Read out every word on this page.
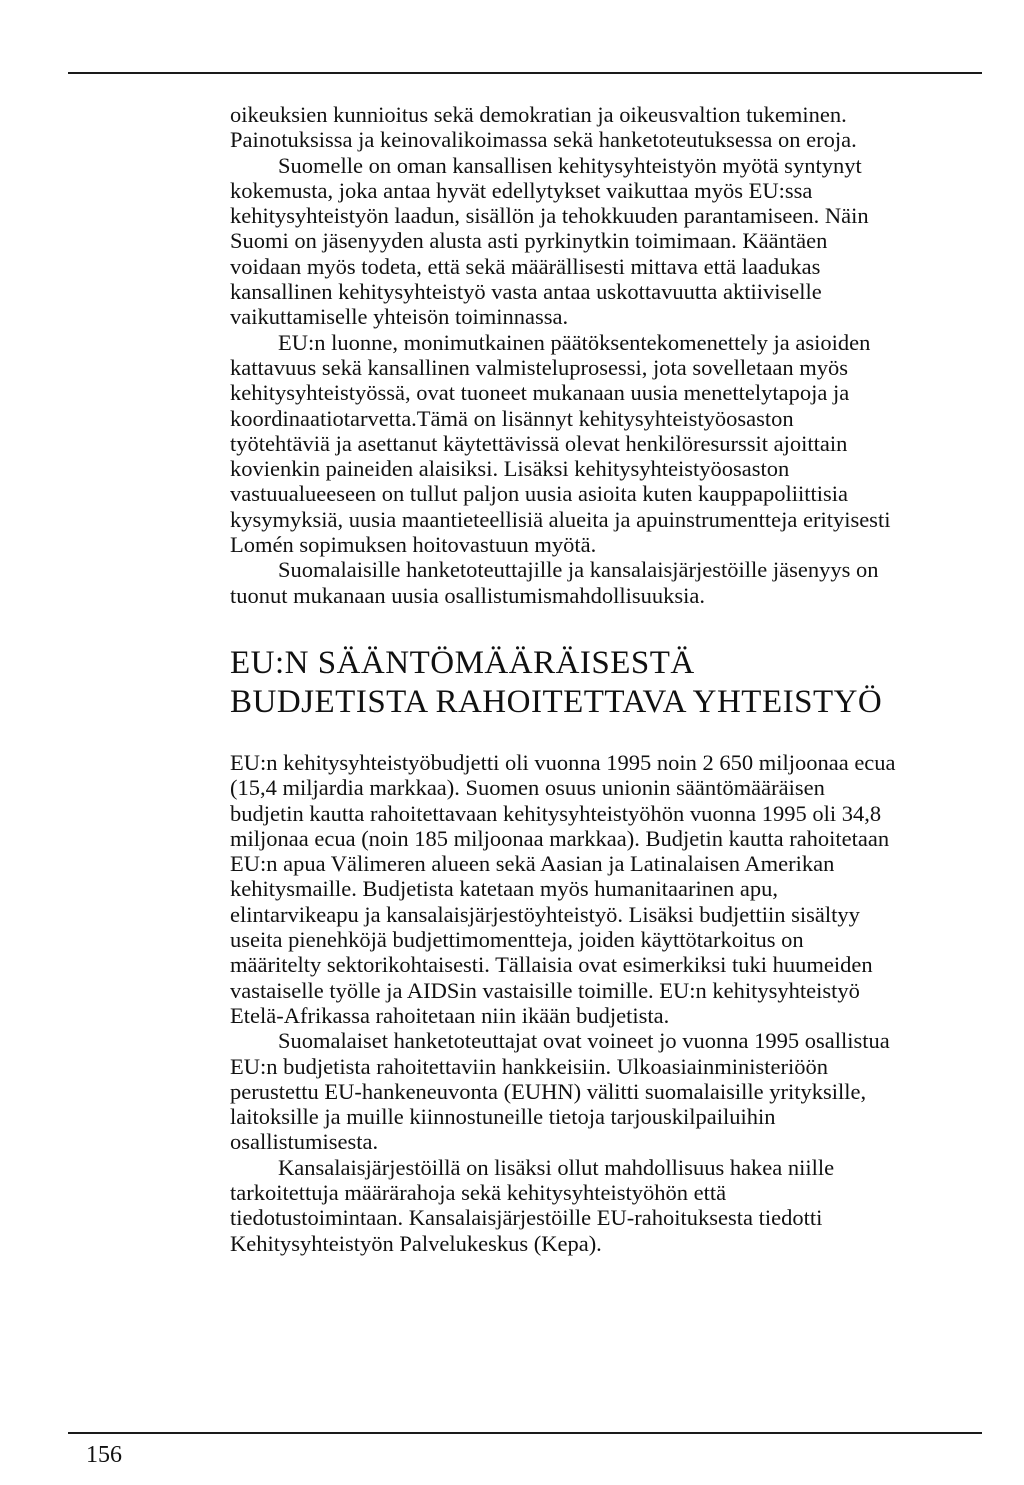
oikeuksien kunnioitus sekä demokratian ja oikeusvaltion tukeminen. Painotuksissa ja keinovalikoimassa sekä hanketoteutuksessa on eroja.

Suomelle on oman kansallisen kehitysyhteistyön myötä syntynyt kokemusta, joka antaa hyvät edellytykset vaikuttaa myös EU:ssa kehitysyhteistyön laadun, sisällön ja tehokkuuden parantamiseen. Näin Suomi on jäsenyyden alusta asti pyrkinytkin toimimaan. Kääntäen voidaan myös todeta, että sekä määrällisesti mittava että laadukas kansallinen kehitysyhteistyö vasta antaa uskottavuutta aktiiviselle vaikuttamiselle yhteisön toiminnassa.

EU:n luonne, monimutkainen päätöksentekomenettely ja asioiden kattavuus sekä kansallinen valmisteluprosessi, jota sovelletaan myös kehitysyhteistyössä, ovat tuoneet mukanaan uusia menettelytapoja ja koordinaatiotarvetta.Tämä on lisännyt kehitysyhteistyöosaston työtehtäviä ja asettanut käytettävissä olevat henkilöresurssit ajoittain kovienkin paineiden alaisiksi. Lisäksi kehitysyhteistyöosaston vastuualueeseen on tullut paljon uusia asioita kuten kauppapoliittisia kysymyksiä, uusia maantieteellisiä alueita ja apuinstrumentteja erityisesti Lomén sopimuksen hoitovastuun myötä.

Suomalaisille hanketoteuttajille ja kansalaisjärjestöille jäsenyys on tuonut mukanaan uusia osallistumismahdollisuuksia.

EU:N SÄÄNTÖMÄÄRÄISESTÄ
BUDJETISTA RAHOITETTAVA YHTEISTYÖ

EU:n kehitysyhteistyöbudjetti oli vuonna 1995 noin 2 650 miljoonaa ecua (15,4 miljardia markkaa). Suomen osuus unionin sääntömääräisen budjetin kautta rahoitettavaan kehitysyhteistyöhön vuonna 1995 oli 34,8 miljonaa ecua (noin 185 miljoonaa markkaa). Budjetin kautta rahoitetaan EU:n apua Välimeren alueen sekä Aasian ja Latinalaisen Amerikan kehitysmaille. Budjetista katetaan myös humanitaarinen apu, elintarvikeapu ja kansalaisjärjestöyhteistyö. Lisäksi budjettiin sisältyy useita pienehköjä budjettimomentteja, joiden käyttötarkoitus on määritelty sektorikohtaisesti. Tällaisia ovat esimerkiksi tuki huumeiden vastaiselle työlle ja AIDSin vastaisille toimille. EU:n kehitysyhteistyö Etelä-Afrikassa rahoitetaan niin ikään budjetista.

Suomalaiset hanketoteuttajat ovat voineet jo vuonna 1995 osallistua EU:n budjetista rahoitettaviin hankkeisiin. Ulkoasiainministeriöön perustettu EU-hankeneuvonta (EUHN) välitti suomalaisille yrityksille, laitoksille ja muille kiinnostuneille tietoja tarjouskilpailuihin osallistumisesta.

Kansalaisjärjestöillä on lisäksi ollut mahdollisuus hakea niille tarkoitettuja määrärahoja sekä kehitysyhteistyöhön että tiedotustoimintaan. Kansalaisjärjestöille EU-rahoituksesta tiedotti Kehitysyhteistyön Palvelukeskus (Kepa).

156
